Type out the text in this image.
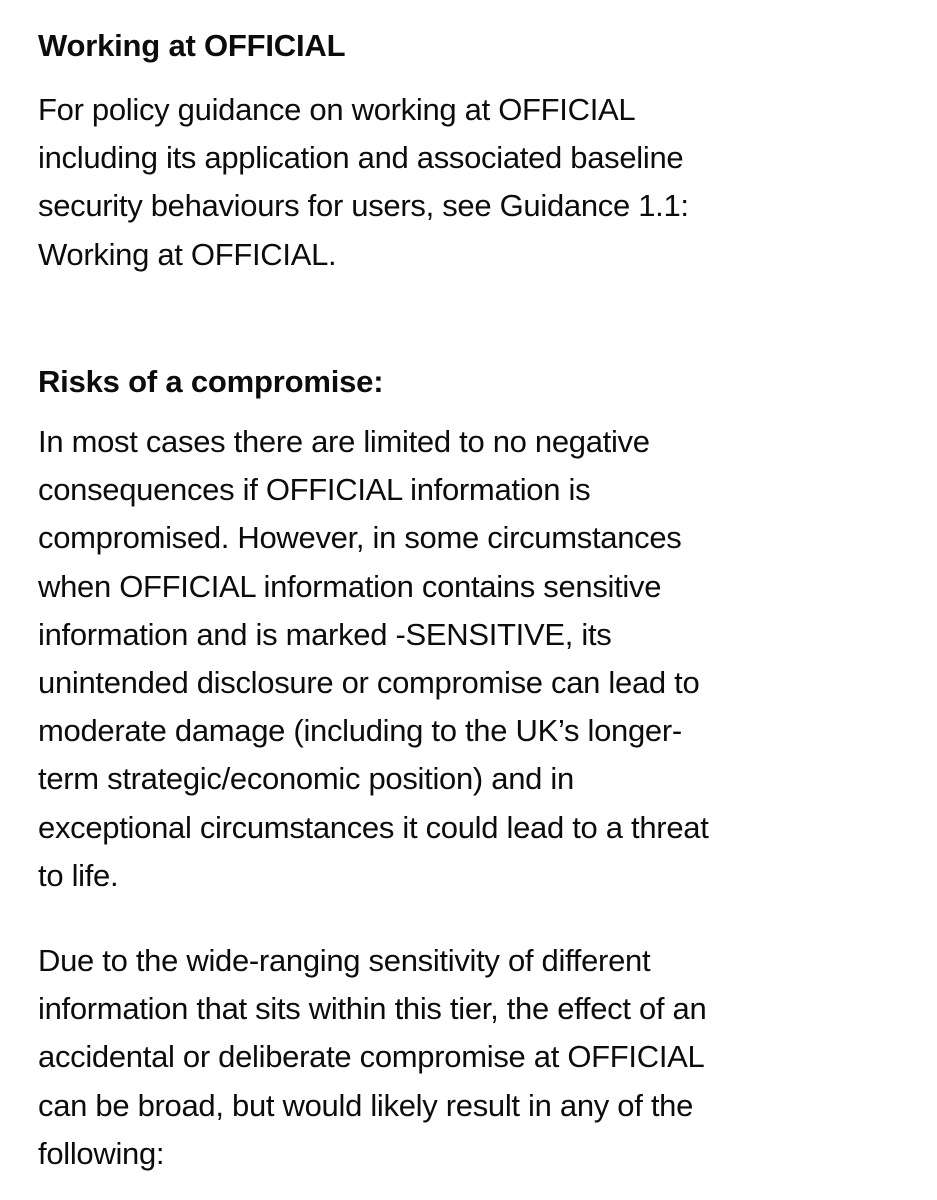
Working at OFFICIAL

For policy guidance on working at OFFICIAL
including its application and associated baseline
security behaviours for users, see Guidance 1.1:
Working at OFFICIAL.

Risks of a compromise:

In most cases there are limited to no negative
consequences if OFFICIAL information is
compromised. However, in some circumstances
when OFFICIAL information contains sensitive
information and is marked -SENSITIVE, its
unintended disclosure or compromise can lead to
moderate damage (including to the UK’s longer-
term strategic/economic position) and in
exceptional circumstances it could lead to a threat
to life.

Due to the wide-ranging sensitivity of different
information that sits within this tier, the effect of an
accidental or deliberate compromise at OFFICIAL
can be broad, but would likely result in any of the
following:
